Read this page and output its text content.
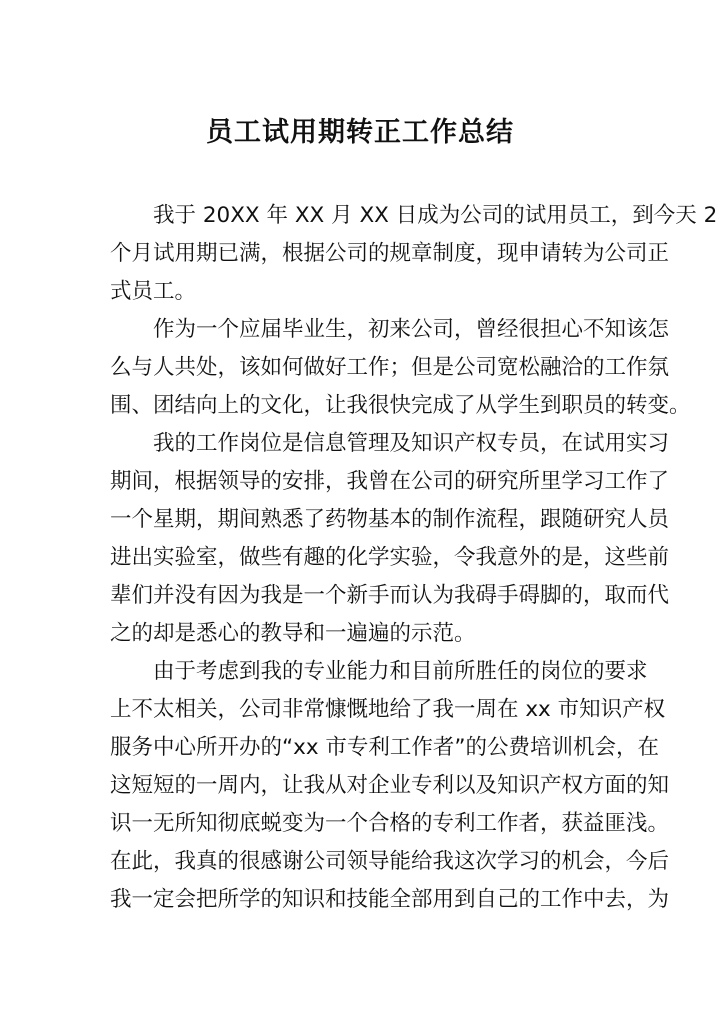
员工试用期转正工作总结
我于 20XX 年 XX 月 XX 日成为公司的试用员工，到今天 2
个月试用期已满，根据公司的规章制度，现申请转为公司正
式员工。
作为一个应届毕业生，初来公司，曾经很担心不知该怎
么与人共处，该如何做好工作；但是公司宽松融洽的工作氛
围、团结向上的文化，让我很快完成了从学生到职员的转变。
我的工作岗位是信息管理及知识产权专员，在试用实习
期间，根据领导的安排，我曾在公司的研究所里学习工作了
一个星期，期间熟悉了药物基本的制作流程，跟随研究人员
进出实验室，做些有趣的化学实验，令我意外的是，这些前
辈们并没有因为我是一个新手而认为我碍手碍脚的，取而代
之的却是悉心的教导和一遍遍的示范。
由于考虑到我的专业能力和目前所胜任的岗位的要求
上不太相关，公司非常慷慨地给了我一周在 xx 市知识产权
服务中心所开办的“xx 市专利工作者”的公费培训机会，在
这短短的一周内，让我从对企业专利以及知识产权方面的知
识一无所知彻底蜕变为一个合格的专利工作者，获益匪浅。
在此，我真的很感谢公司领导能给我这次学习的机会，今后
我一定会把所学的知识和技能全部用到自己的工作中去，为
